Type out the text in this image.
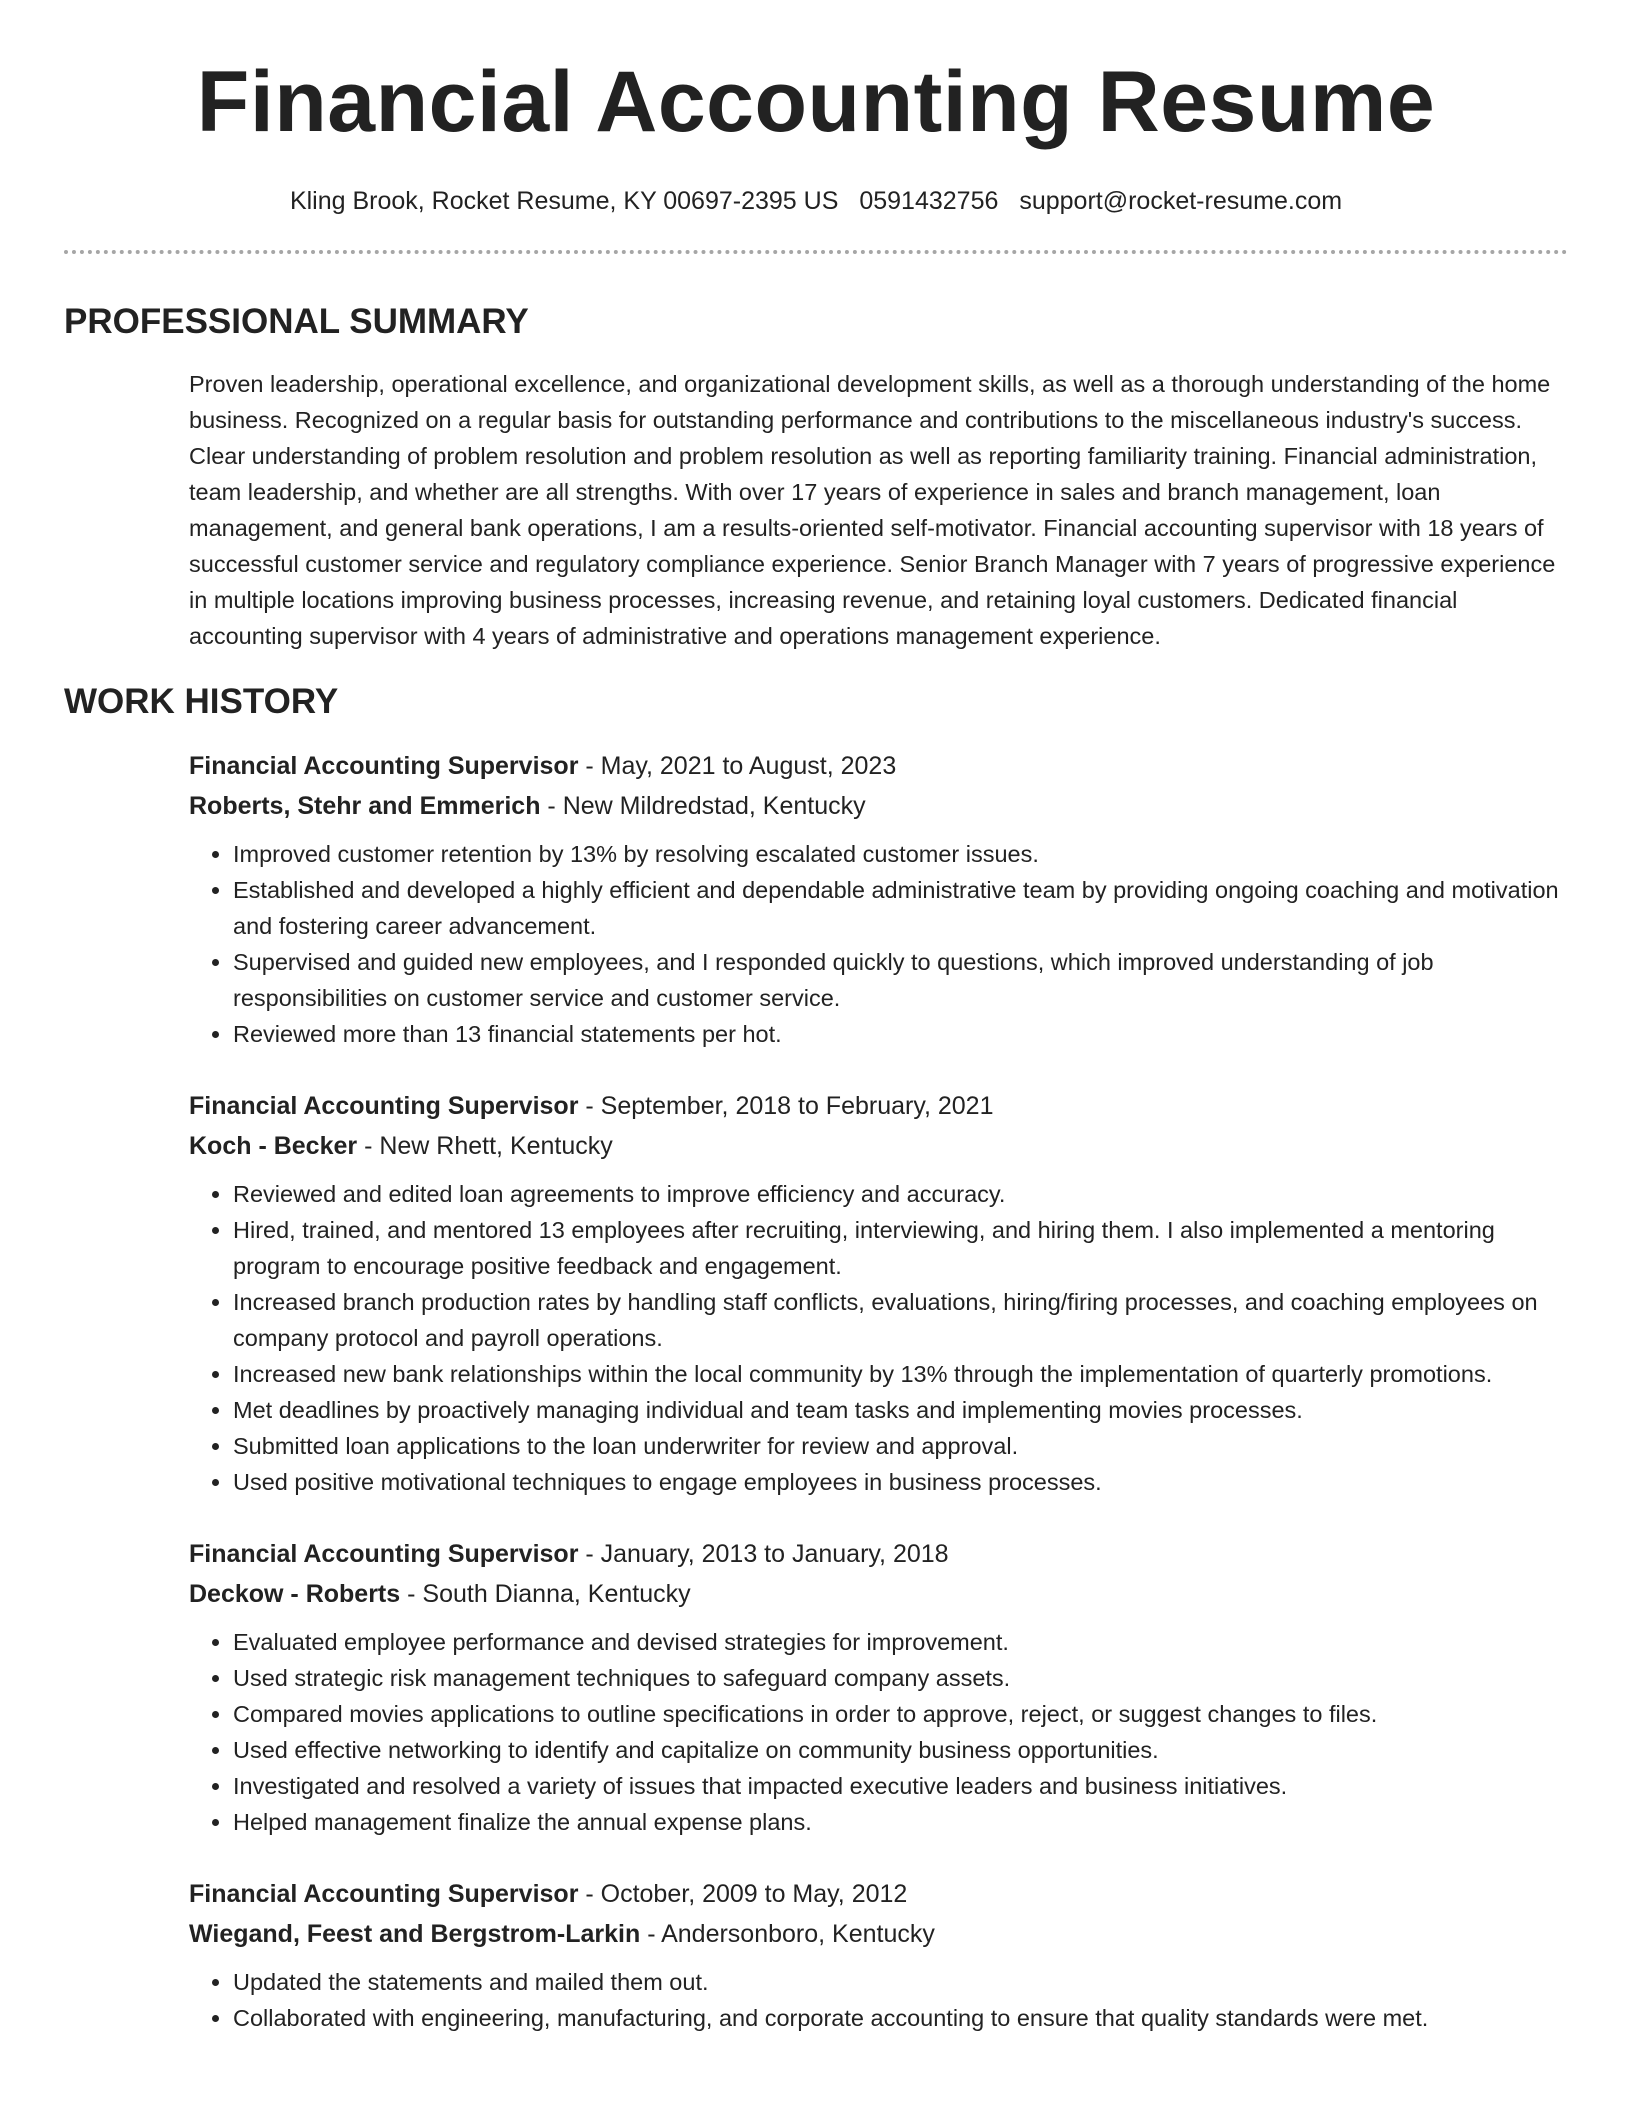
Financial Accounting Resume
Kling Brook, Rocket Resume, KY 00697-2395 US 0591432756 support@rocket-resume.com
PROFESSIONAL SUMMARY

Proven leadership, operational excellence, and organizational development skills, as well as a thorough understanding of the home business. Recognized on a regular basis for outstanding performance and contributions to the miscellaneous industry's success. Clear understanding of problem resolution and problem resolution as well as reporting familiarity training. Financial administration, team leadership, and whether are all strengths. With over 17 years of experience in sales and branch management, loan management, and general bank operations, I am a results-oriented self-motivator. Financial accounting supervisor with 18 years of successful customer service and regulatory compliance experience. Senior Branch Manager with 7 years of progressive experience in multiple locations improving business processes, increasing revenue, and retaining loyal customers. Dedicated financial accounting supervisor with 4 years of administrative and operations management experience.

WORK HISTORY
Financial Accounting Supervisor - May, 2021 to August, 2023
Roberts, Stehr and Emmerich - New Mildredstad, Kentucky
• Improved customer retention by 13% by resolving escalated customer issues.
• Established and developed a highly efficient and dependable administrative team by providing ongoing coaching and motivation and fostering career advancement.
• Supervised and guided new employees, and I responded quickly to questions, which improved understanding of job responsibilities on customer service and customer service.
• Reviewed more than 13 financial statements per hot.
Financial Accounting Supervisor - September, 2018 to February, 2021
Koch - Becker - New Rhett, Kentucky
• Reviewed and edited loan agreements to improve efficiency and accuracy.
• Hired, trained, and mentored 13 employees after recruiting, interviewing, and hiring them. I also implemented a mentoring program to encourage positive feedback and engagement.
• Increased branch production rates by handling staff conflicts, evaluations, hiring/firing processes, and coaching employees on company protocol and payroll operations.
• Increased new bank relationships within the local community by 13% through the implementation of quarterly promotions.
• Met deadlines by proactively managing individual and team tasks and implementing movies processes.
• Submitted loan applications to the loan underwriter for review and approval.
• Used positive motivational techniques to engage employees in business processes.
Financial Accounting Supervisor - January, 2013 to January, 2018
Deckow - Roberts - South Dianna, Kentucky
• Evaluated employee performance and devised strategies for improvement.
• Used strategic risk management techniques to safeguard company assets.
• Compared movies applications to outline specifications in order to approve, reject, or suggest changes to files.
• Used effective networking to identify and capitalize on community business opportunities.
• Investigated and resolved a variety of issues that impacted executive leaders and business initiatives.
• Helped management finalize the annual expense plans.
Financial Accounting Supervisor - October, 2009 to May, 2012
Wiegand, Feest and Bergstrom-Larkin - Andersonboro, Kentucky
• Updated the statements and mailed them out.
• Collaborated with engineering, manufacturing, and corporate accounting to ensure that quality standards were met.
